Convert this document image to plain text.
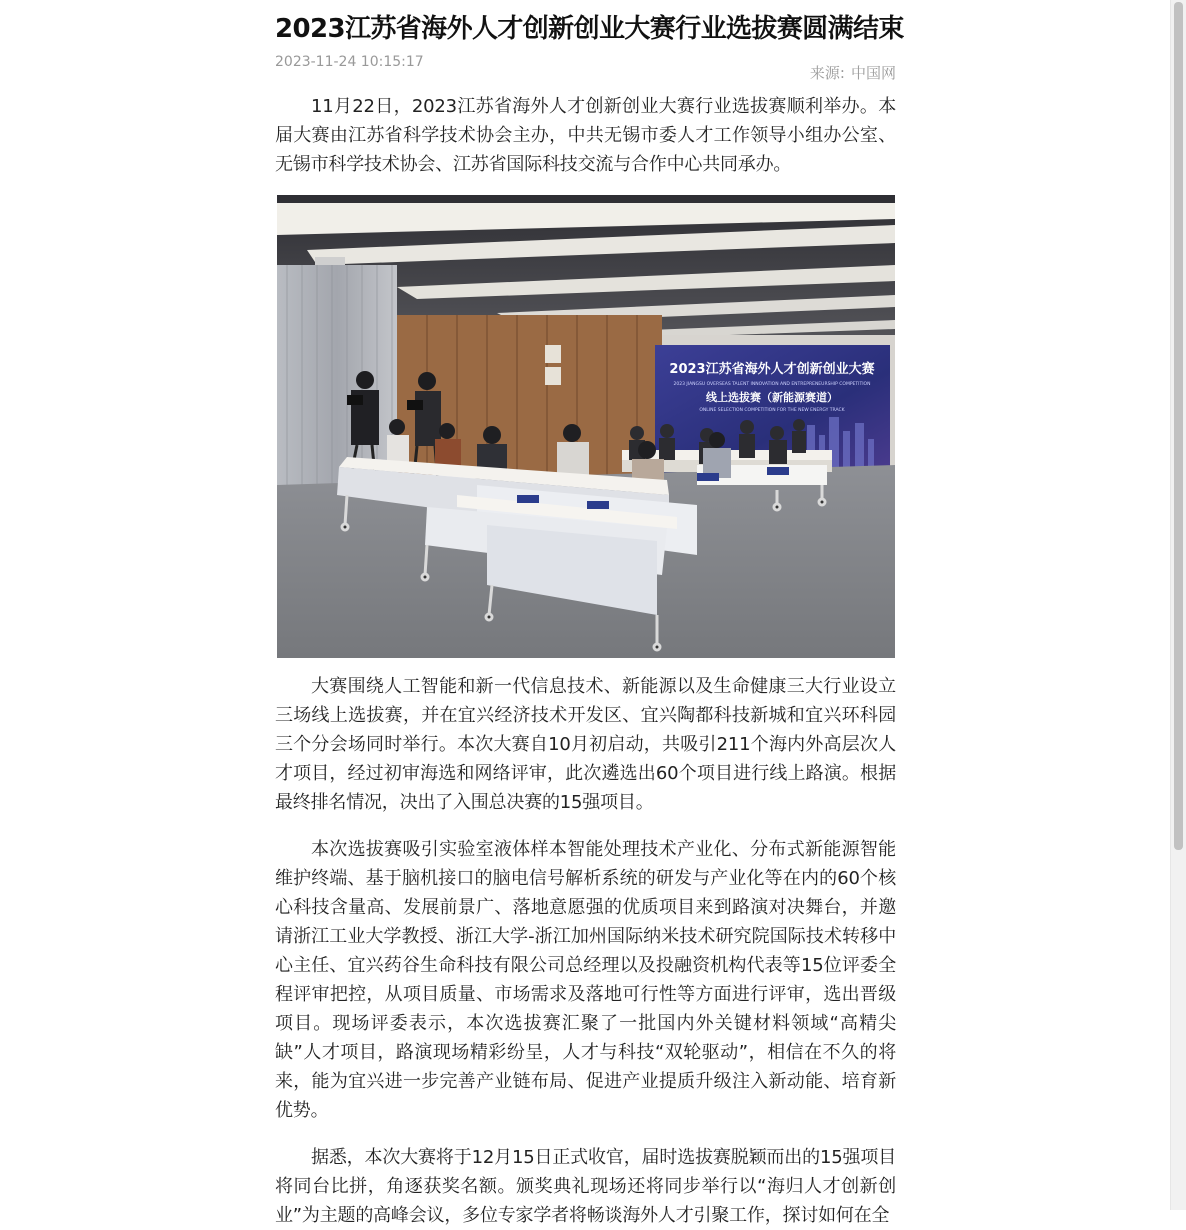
2023江苏省海外人才创新创业大赛行业选拔赛圆满结束
2023-11-24 10:15:17
来源: 中国网

11月22日，2023江苏省海外人才创新创业大赛行业选拔赛顺利举办。本届大赛由江苏省科学技术协会主办，中共无锡市委人才工作领导小组办公室、无锡市科学技术协会、江苏省国际科技交流与合作中心共同承办。

2023江苏省海外人才创新创业大赛
2023 JIANGSU OVERSEAS TALENT INNOVATION AND ENTREPRENEURSHIP COMPETITION
线上选拔赛（新能源赛道）
ONLINE SELECTION COMPETITION FOR THE NEW ENERGY TRACK

大赛围绕人工智能和新一代信息技术、新能源以及生命健康三大行业设立三场线上选拔赛，并在宜兴经济技术开发区、宜兴陶都科技新城和宜兴环科园三个分会场同时举行。本次大赛自10月初启动，共吸引211个海内外高层次人才项目，经过初审海选和网络评审，此次遴选出60个项目进行线上路演。根据最终排名情况，决出了入围总决赛的15强项目。

本次选拔赛吸引实验室液体样本智能处理技术产业化、分布式新能源智能维护终端、基于脑机接口的脑电信号解析系统的研发与产业化等在内的60个核心科技含量高、发展前景广、落地意愿强的优质项目来到路演对决舞台，并邀请浙江工业大学教授、浙江大学-浙江加州国际纳米技术研究院国际技术转移中心主任、宜兴药谷生命科技有限公司总经理以及投融资机构代表等15位评委全程评审把控，从项目质量、市场需求及落地可行性等方面进行评审，选出晋级项目。现场评委表示，本次选拔赛汇聚了一批国内外关键材料领域“高精尖缺”人才项目，路演现场精彩纷呈，人才与科技“双轮驱动”，相信在不久的将来，能为宜兴进一步完善产业链布局、促进产业提质升级注入新动能、培育新优势。

据悉，本次大赛将于12月15日正式收官，届时选拔赛脱颖而出的15强项目将同台比拼，角逐获奖名额。颁奖典礼现场还将同步举行以“海归人才创新创业”为主题的高峰会议，多位专家学者将畅谈海外人才引聚工作，探讨如何在全
